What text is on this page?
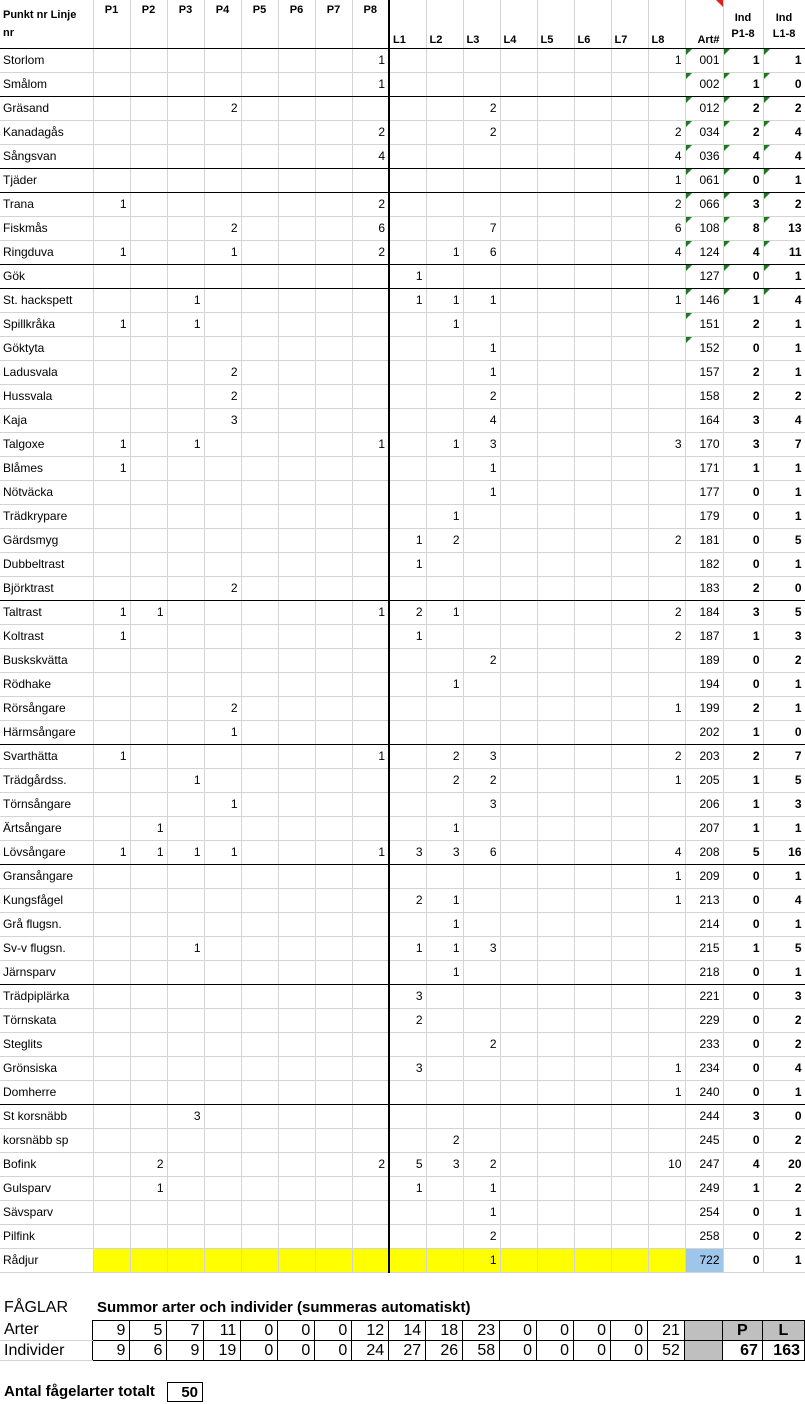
Punkt nr Linje nr	P1	P2	P3	P4	P5	P6	P7	P8	L1	L2	L3	L4	L5	L6	L7	L8	Art#	Ind P1-8	Ind L1-8
Storlom								1								1	001	1	1
Smålom								1									002	1	0
Gräsand				2							2						012	2	2
Kanadagås								2			2					2	034	2	4
Sångsvan								4								4	036	4	4
Tjäder																1	061	0	1
Trana	1							2								2	066	3	2
Fiskmås				2				6			7					6	108	8	13
Ringduva	1			1				2		1	6					4	124	4	11
Gök									1								127	0	1
St. hackspett			1						1	1	1					1	146	1	4
Spillkråka	1		1							1							151	2	1
Göktyta											1						152	0	1
Ladusvala				2							1						157	2	1
Hussvala				2							2						158	2	2
Kaja				3							4						164	3	4
Talgoxe	1		1					1		1	3					3	170	3	7
Blåmes	1										1						171	1	1
Nötväcka											1						177	0	1
Trädkrypare										1							179	0	1
Gärdsmyg									1	2						2	181	0	5
Dubbeltrast									1								182	0	1
Björktrast				2													183	2	0
Taltrast	1	1						1	2	1						2	184	3	5
Koltrast	1								1							2	187	1	3
Buskskvätta											2						189	0	2
Rödhake										1							194	0	1
Rörsångare				2												1	199	2	1
Härmsångare				1													202	1	0
Svarthätta	1							1		2	3					2	203	2	7
Trädgårdss.			1							2	2					1	205	1	5
Törnsångare				1							3						206	1	3
Ärtsångare		1								1							207	1	1
Lövsångare	1	1	1	1				1	3	3	6					4	208	5	16
Gransångare																1	209	0	1
Kungsfågel									2	1						1	213	0	4
Grå flugsn.										1							214	0	1
Sv-v flugsn.			1						1	1	3						215	1	5
Järnsparv										1							218	0	1
Trädpiplärka									3								221	0	3
Törnskata									2								229	0	2
Steglits											2						233	0	2
Grönsiska									3							1	234	0	4
Domherre																1	240	0	1
St korsnäbb			3														244	3	0
korsnäbb sp										2							245	0	2
Bofink		2						2	5	3	2					10	247	4	20
Gulsparv		1							1		1						249	1	2
Sävsparv											1						254	0	1
Pilfink											2						258	0	2
Rådjur											1						722	0	1
FÅGLAR Summor arter och individer (summeras automatiskt)
Arter	9	5	7	11	0	0	0	12	14	18	23	0	0	0	0	21		P	L
Individer	9	6	9	19	0	0	0	24	27	26	58	0	0	0	0	52		67	163
Antal fågelarter totalt	50
